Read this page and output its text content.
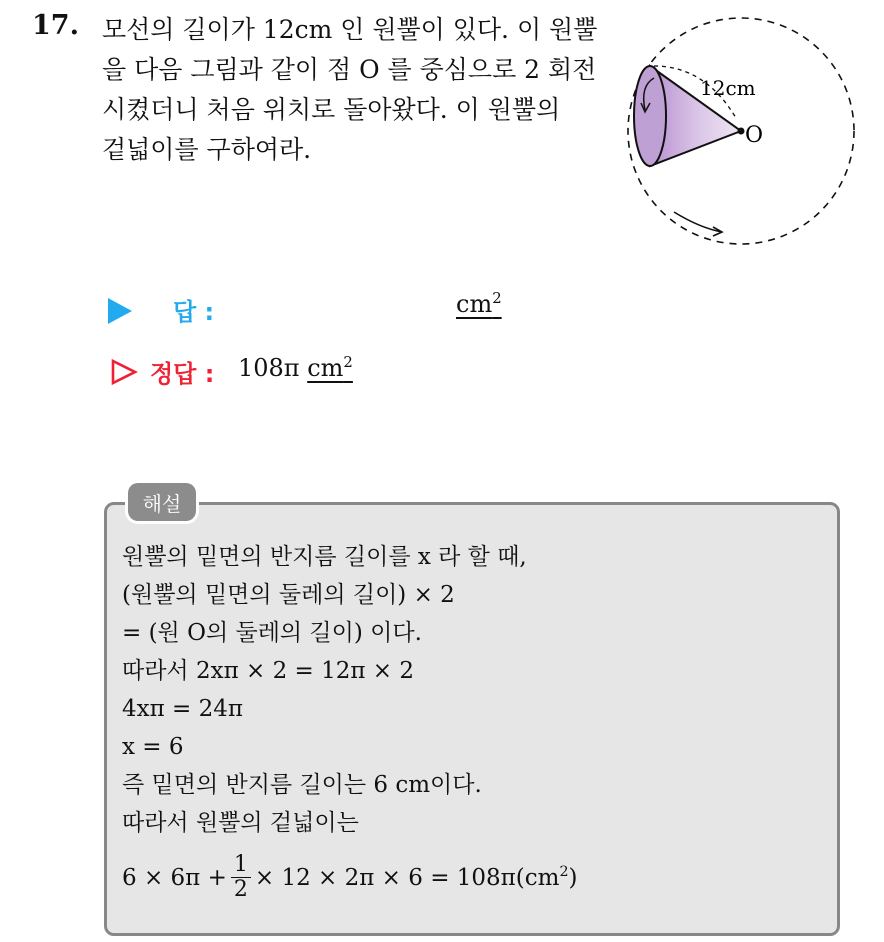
17. 모선의 길이가 12cm 인 원뿔이 있다. 이 원뿔
을 다음 그림과 같이 점 O 를 중심으로 2 회전
시켰더니 처음 위치로 돌아왔다. 이 원뿔의
겉넓이를 구하여라.
12cm
O
답 :	$cm^2$
정답 : 108π $cm^2$
해설
원뿔의 밑면의 반지름 길이를 x 라 할 때,
(원뿔의 밑면의 둘레의 길이) × 2
= (원 O의 둘레의 길이) 이다.
따라서 2xπ × 2 = 12π × 2
4xπ = 24π
x = 6
즉 밑면의 반지름 길이는 6 cm이다.
따라서 원뿔의 겉넓이는
$6 \times 6\pi + \frac{1}{2} \times 12 \times 2\pi \times 6 = 108\pi(cm^2)$
